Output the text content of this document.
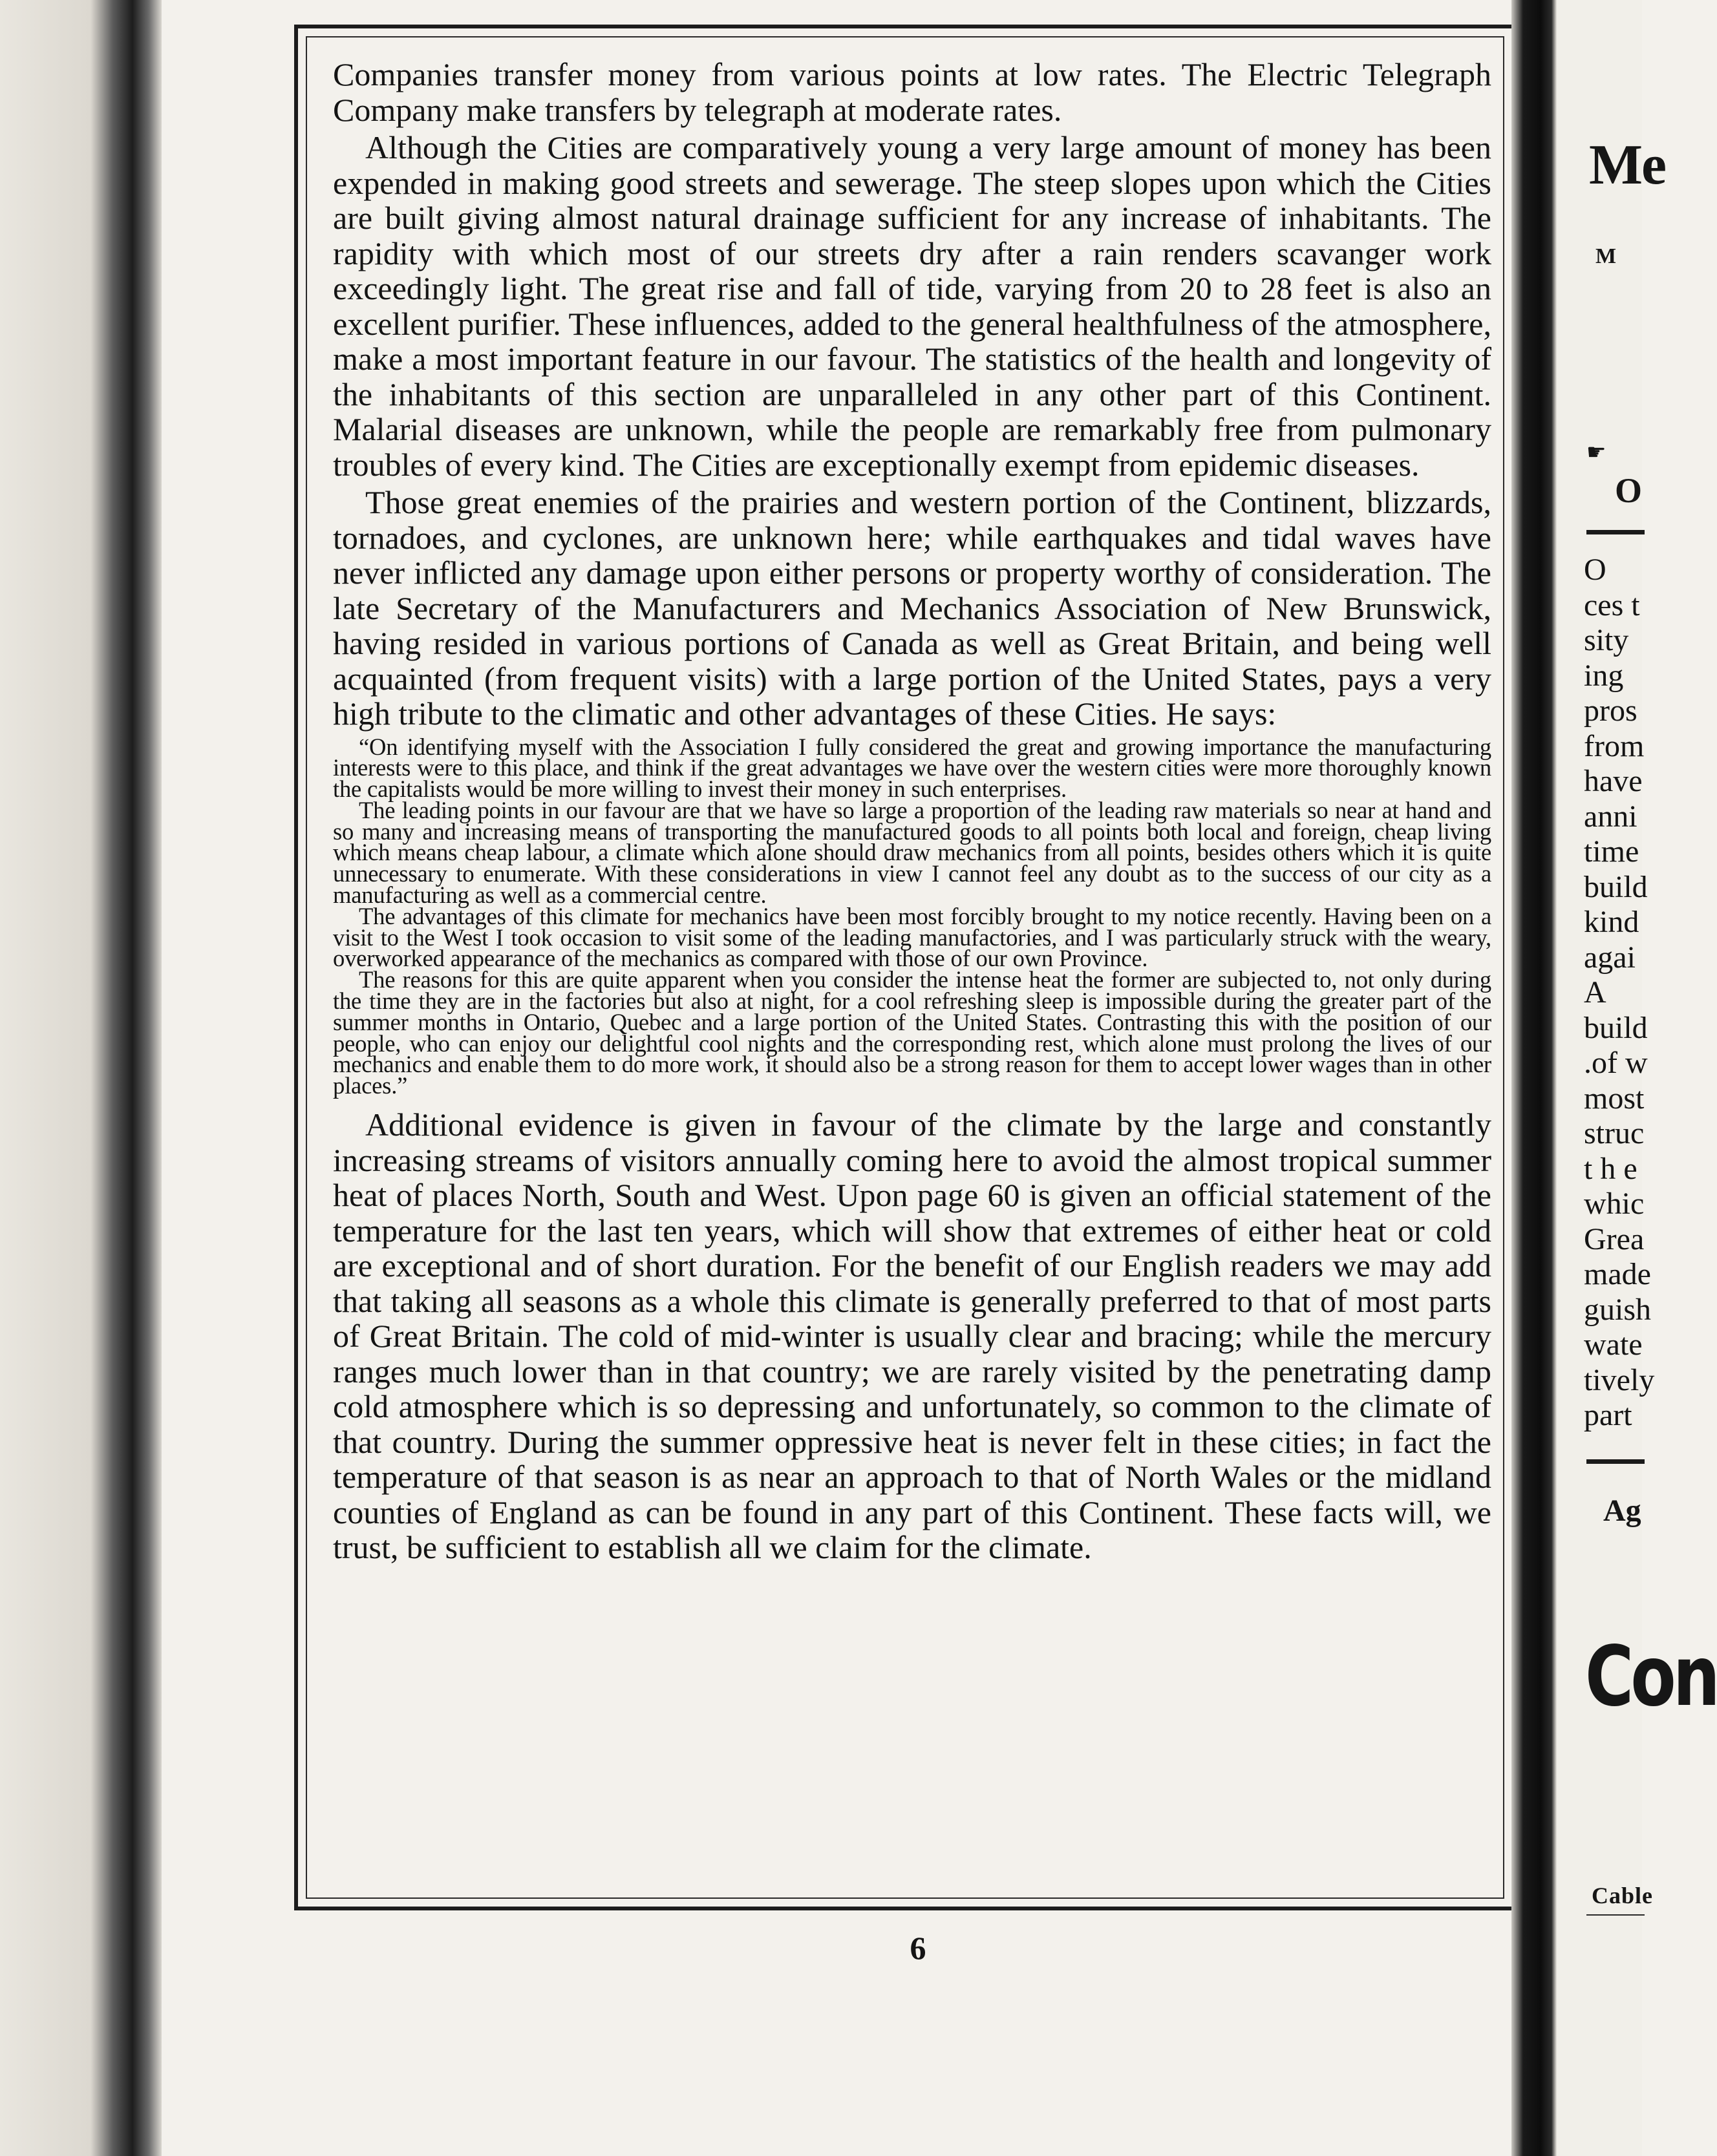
Companies transfer money from various points at low rates. The Electric Telegraph Company make transfers by telegraph at moderate rates.

Although the Cities are comparatively young a very large amount of money has been expended in making good streets and sewerage. The steep slopes upon which the Cities are built giving almost natural drainage sufficient for any increase of inhabitants. The rapidity with which most of our streets dry after a rain renders scavanger work exceedingly light. The great rise and fall of tide, varying from 20 to 28 feet is also an excellent purifier. These influences, added to the general healthfulness of the atmosphere, make a most important feature in our favour. The statistics of the health and longevity of the inhabitants of this section are unparalleled in any other part of this Continent. Malarial diseases are unknown, while the people are remarkably free from pulmonary troubles of every kind. The Cities are exceptionally exempt from epidemic diseases.

Those great enemies of the prairies and western portion of the Continent, blizzards, tornadoes, and cyclones, are unknown here; while earthquakes and tidal waves have never inflicted any damage upon either persons or property worthy of consideration. The late Secretary of the Manufacturers and Mechanics Association of New Brunswick, having resided in various portions of Canada as well as Great Britain, and being well acquainted (from frequent visits) with a large portion of the United States, pays a very high tribute to the climatic and other advantages of these Cities. He says:

“On identifying myself with the Association I fully considered the great and growing importance the manufacturing interests were to this place, and think if the great advantages we have over the western cities were more thoroughly known the capitalists would be more willing to invest their money in such enterprises.

The leading points in our favour are that we have so large a proportion of the leading raw materials so near at hand and so many and increasing means of transporting the manufactured goods to all points both local and foreign, cheap living which means cheap labour, a climate which alone should draw mechanics from all points, besides others which it is quite unnecessary to enumerate. With these considerations in view I cannot feel any doubt as to the success of our city as a manufacturing as well as a commercial centre.

The advantages of this climate for mechanics have been most forcibly brought to my notice recently. Having been on a visit to the West I took occasion to visit some of the leading manufactories, and I was particularly struck with the weary, overworked appearance of the mechanics as compared with those of our own Province.

The reasons for this are quite apparent when you consider the intense heat the former are subjected to, not only during the time they are in the factories but also at night, for a cool refreshing sleep is impossible during the greater part of the summer months in Ontario, Quebec and a large portion of the United States. Contrasting this with the position of our people, who can enjoy our delightful cool nights and the corresponding rest, which alone must prolong the lives of our mechanics and enable them to do more work, it should also be a strong reason for them to accept lower wages than in other places.”

Additional evidence is given in favour of the climate by the large and constantly increasing streams of visitors annually coming here to avoid the almost tropical summer heat of places North, South and West. Upon page 60 is given an official statement of the temperature for the last ten years, which will show that extremes of either heat or cold are exceptional and of short duration. For the benefit of our English readers we may add that taking all seasons as a whole this climate is generally preferred to that of most parts of Great Britain. The cold of mid-winter is usually clear and bracing; while the mercury ranges much lower than in that country; we are rarely visited by the penetrating damp cold atmosphere which is so depressing and unfortunately, so common to the climate of that country. During the summer oppressive heat is never felt in these cities; in fact the temperature of that season is as near an approach to that of North Wales or the midland counties of England as can be found in any part of this Continent. These facts will, we trust, be sufficient to establish all we claim for the climate.

6
Me
M
☛
O
O
ces t
sity
ing
pros
from
have
anni
time
build
kind
agai
A
build
.of w
most
struc
t h e
whic
Grea
made
guish
wate
tively
part
Ag
Con
Cable
